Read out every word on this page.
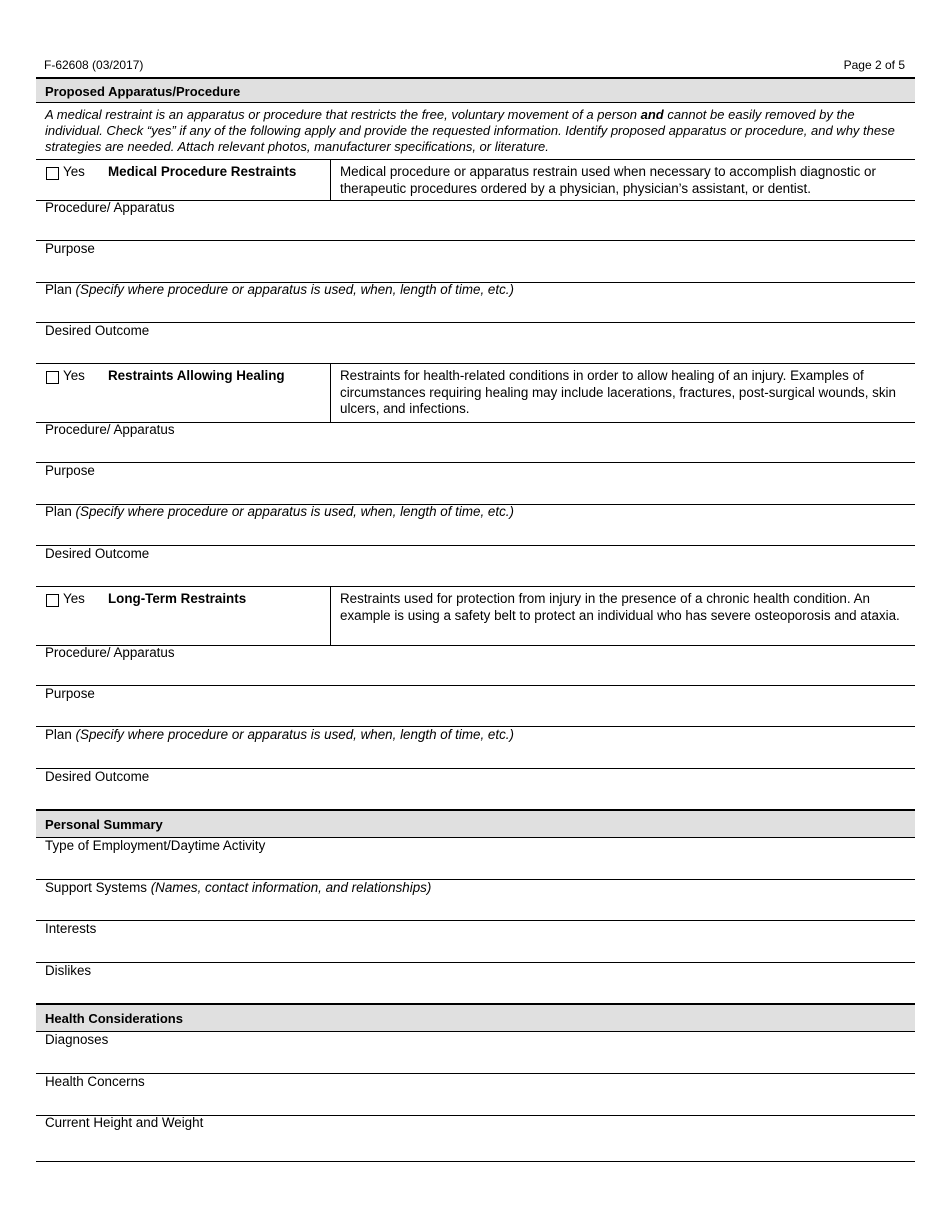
F-62608 (03/2017)	Page 2 of 5
Proposed Apparatus/Procedure
A medical restraint is an apparatus or procedure that restricts the free, voluntary movement of a person and cannot be easily removed by the individual. Check “yes” if any of the following apply and provide the requested information. Identify proposed apparatus or procedure, and why these strategies are needed. Attach relevant photos, manufacturer specifications, or literature.
Yes	Medical Procedure Restraints	Medical procedure or apparatus restrain used when necessary to accomplish diagnostic or therapeutic procedures ordered by a physician, physician’s assistant, or dentist.
Procedure/ Apparatus
Purpose
Plan (Specify where procedure or apparatus is used, when, length of time, etc.)
Desired Outcome
Yes	Restraints Allowing Healing	Restraints for health-related conditions in order to allow healing of an injury. Examples of circumstances requiring healing may include lacerations, fractures, post-surgical wounds, skin ulcers, and infections.
Procedure/ Apparatus
Purpose
Plan (Specify where procedure or apparatus is used, when, length of time, etc.)
Desired Outcome
Yes	Long-Term Restraints	Restraints used for protection from injury in the presence of a chronic health condition. An example is using a safety belt to protect an individual who has severe osteoporosis and ataxia.
Procedure/ Apparatus
Purpose
Plan (Specify where procedure or apparatus is used, when, length of time, etc.)
Desired Outcome
Personal Summary
Type of Employment/Daytime Activity
Support Systems (Names, contact information, and relationships)
Interests
Dislikes
Health Considerations
Diagnoses
Health Concerns
Current Height and Weight
